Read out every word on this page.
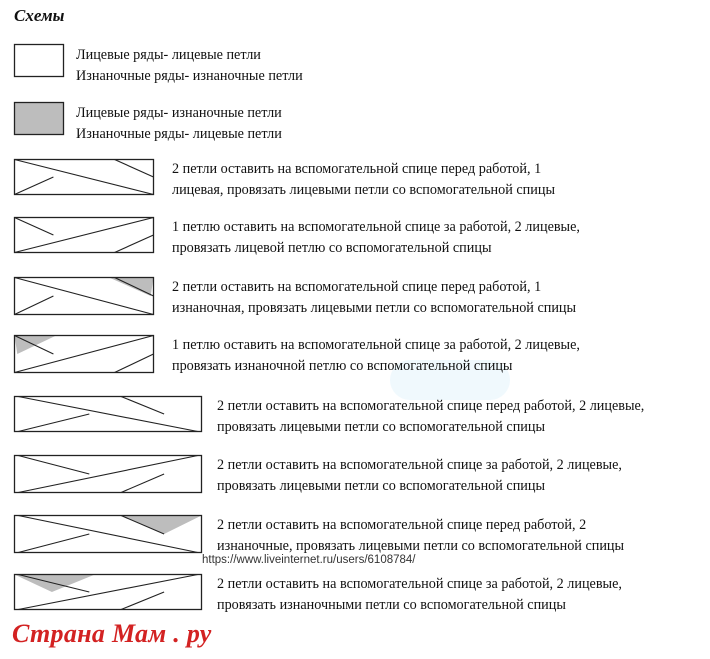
Схемы
Лицевые ряды- лицевые петли
Изнаночные ряды- изнаночные петли
Лицевые ряды- изнаночные петли
Изнаночные ряды- лицевые петли
2 петли оставить на вспомогательной спице перед работой, 1
лицевая, провязать лицевыми петли со вспомогательной спицы
1 петлю оставить на вспомогательной спице за работой, 2 лицевые,
провязать лицевой петлю со вспомогательной спицы
2 петли оставить на вспомогательной спице перед работой, 1
изнаночная, провязать лицевыми петли со вспомогательной спицы
1 петлю оставить на вспомогательной спице за работой, 2 лицевые,
провязать изнаночной петлю со вспомогательной спицы
2 петли оставить на вспомогательной спице перед работой, 2 лицевые,
провязать лицевыми петли со вспомогательной спицы
2 петли оставить на вспомогательной спице за работой, 2 лицевые,
провязать лицевыми петли со вспомогательной спицы
2 петли оставить на вспомогательной спице перед работой, 2
изнаночные, провязать лицевыми петли со вспомогательной спицы
2 петли оставить на вспомогательной спице за работой, 2 лицевые,
провязать изнаночными петли со вспомогательной спицы
https://www.liveinternet.ru/users/6108784/
Страна Мам . ру
